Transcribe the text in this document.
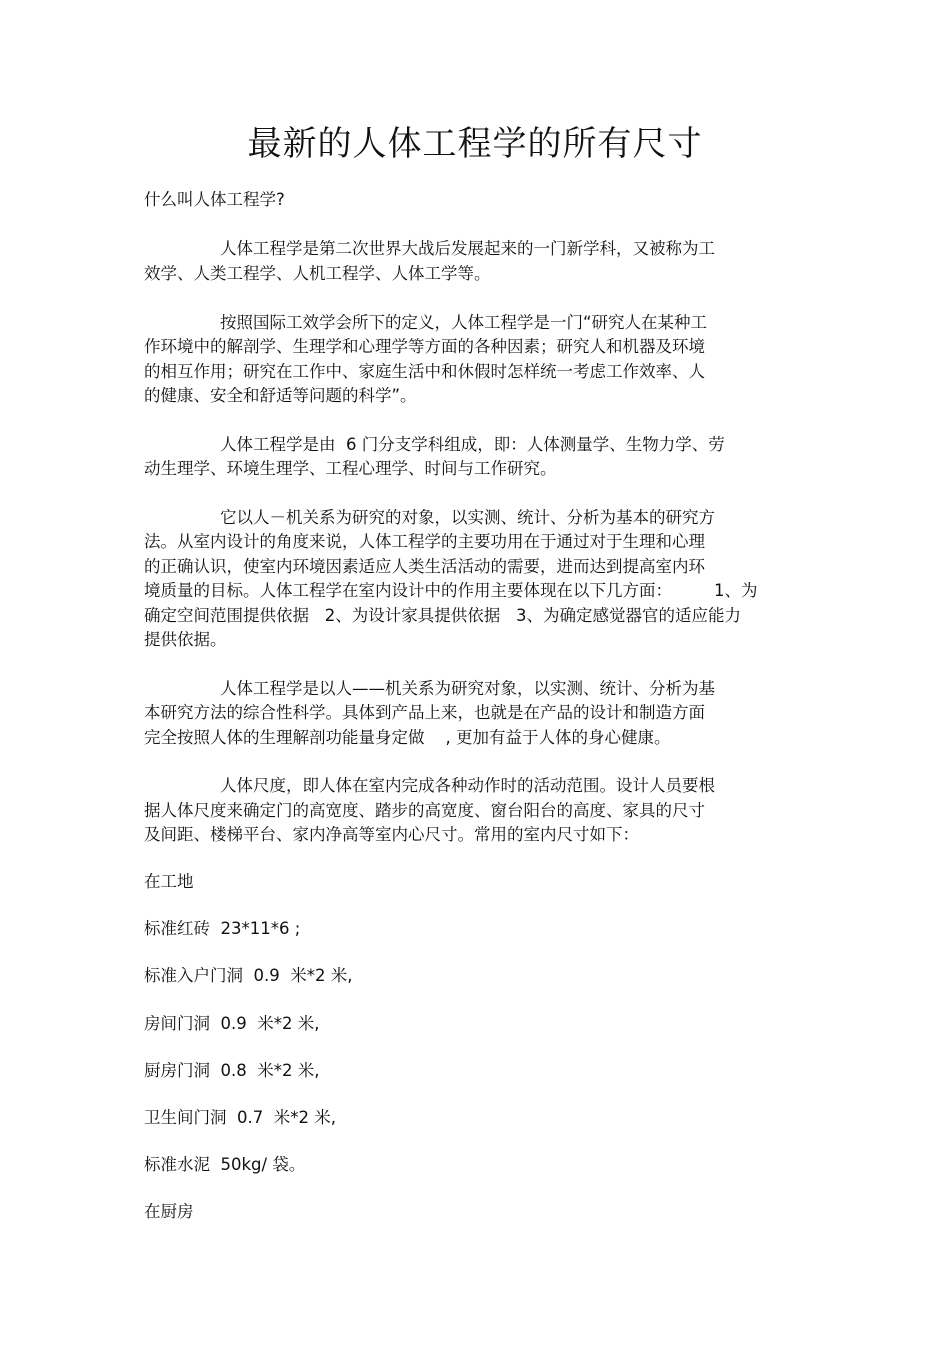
最新的人体工程学的所有尺寸
什么叫人体工程学?
人体工程学是第二次世界大战后发展起来的一门新学科，又被称为工
效学、人类工程学、人机工程学、人体工学等。
按照国际工效学会所下的定义，人体工程学是一门“研究人在某种工
作环境中的解剖学、生理学和心理学等方面的各种因素；研究人和机器及环境
的相互作用；研究在工作中、家庭生活中和休假时怎样统一考虑工作效率、人
的健康、安全和舒适等问题的科学”。
人体工程学是由  6 门分支学科组成，即：人体测量学、生物力学、劳
动生理学、环境生理学、工程心理学、时间与工作研究。
它以人－机关系为研究的对象，以实测、统计、分析为基本的研究方
法。从室内设计的角度来说，人体工程学的主要功用在于通过对于生理和心理
的正确认识，使室内环境因素适应人类生活活动的需要，进而达到提高室内环
境质量的目标。人体工程学在室内设计中的作用主要体现在以下几方面：        1、为
确定空间范围提供依据   2、为设计家具提供依据   3、为确定感觉器官的适应能力
提供依据。
人体工程学是以人——机关系为研究对象，以实测、统计、分析为基
本研究方法的综合性科学。具体到产品上来，也就是在产品的设计和制造方面
完全按照人体的生理解剖功能量身定做    , 更加有益于人体的身心健康。
人体尺度，即人体在室内完成各种动作时的活动范围。设计人员要根
据人体尺度来确定门的高宽度、踏步的高宽度、窗台阳台的高度、家具的尺寸
及间距、楼梯平台、家内净高等室内心尺寸。常用的室内尺寸如下：
在工地
标准红砖  23*11*6 ;
标准入户门洞  0.9  米*2 米,
房间门洞  0.9  米*2 米,
厨房门洞  0.8  米*2 米,
卫生间门洞  0.7  米*2 米,
标准水泥  50kg/ 袋。
在厨房
